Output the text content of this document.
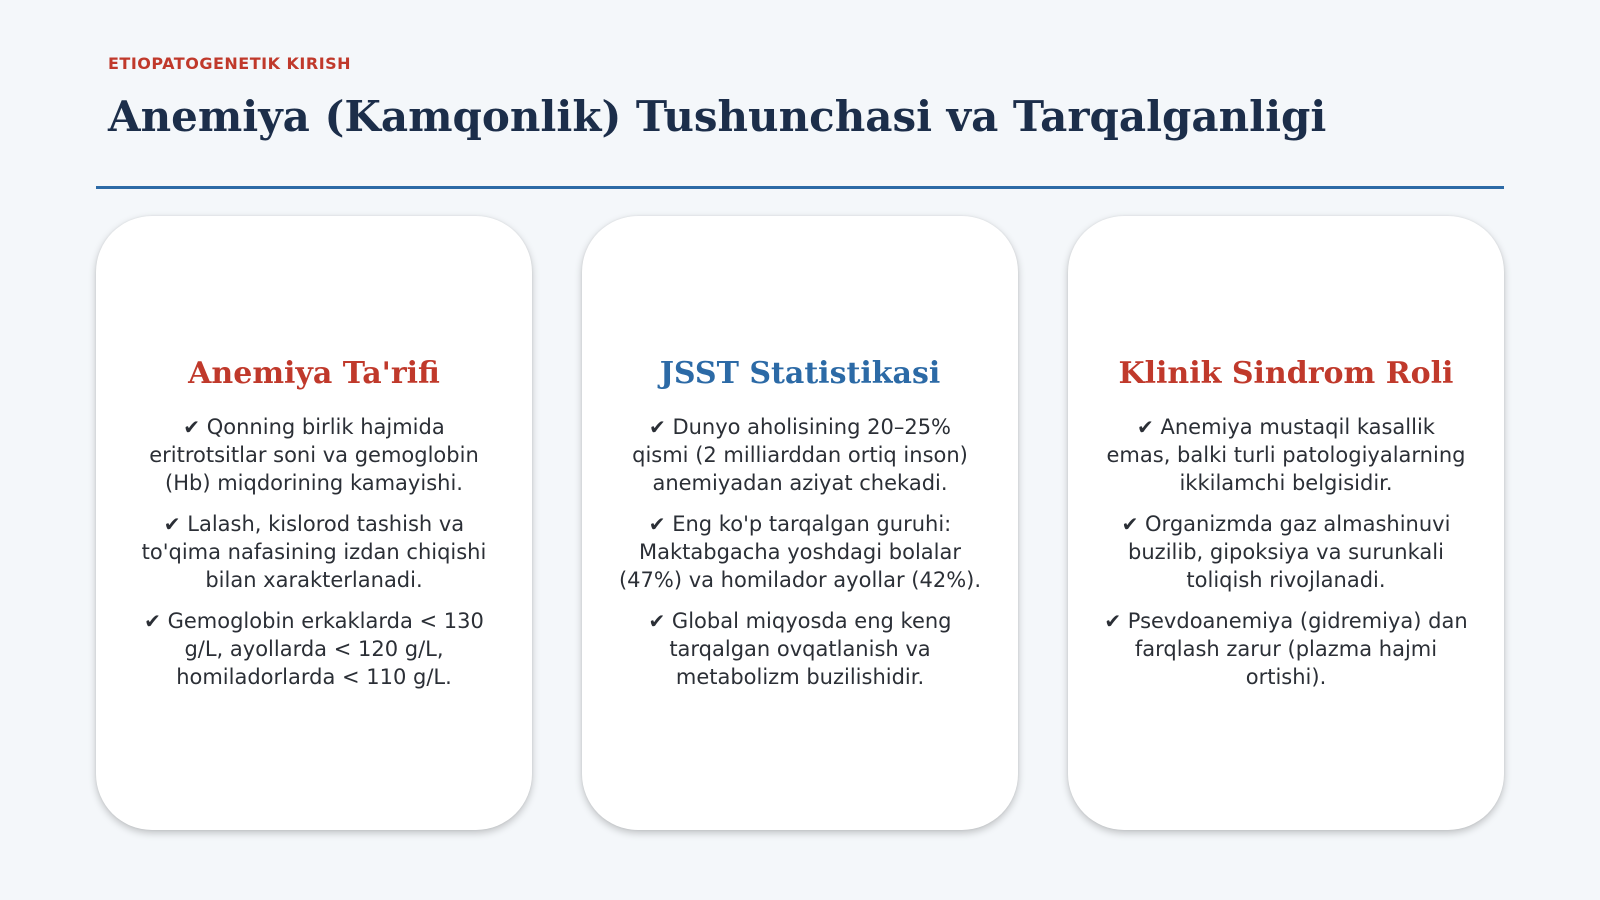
ETIOPATOGENETIK KIRISH
Anemiya (Kamqonlik) Tushunchasi va Tarqalganligi
Anemiya Ta'rifi

✔ Qonning birlik hajmida eritrotsitlar soni va gemoglobin (Hb) miqdorining kamayishi.

✔ Lalash, kislorod tashish va to'qima nafasining izdan chiqishi bilan xarakterlanadi.

✔ Gemoglobin erkaklarda < 130 g/L, ayollarda < 120 g/L, homiladorlarda < 110 g/L.

JSST Statistikasi

✔ Dunyo aholisining 20–25% qismi (2 milliarddan ortiq inson) anemiyadan aziyat chekadi.

✔ Eng ko'p tarqalgan guruhi: Maktabgacha yoshdagi bolalar (47%) va homilador ayollar (42%).

✔ Global miqyosda eng keng tarqalgan ovqatlanish va metabolizm buzilishidir.

Klinik Sindrom Roli

✔ Anemiya mustaqil kasallik emas, balki turli patologiyalarning ikkilamchi belgisidir.

✔ Organizmda gaz almashinuvi buzilib, gipoksiya va surunkali toliqish rivojlanadi.

✔ Psevdoanemiya (gidremiya) dan farqlash zarur (plazma hajmi ortishi).
